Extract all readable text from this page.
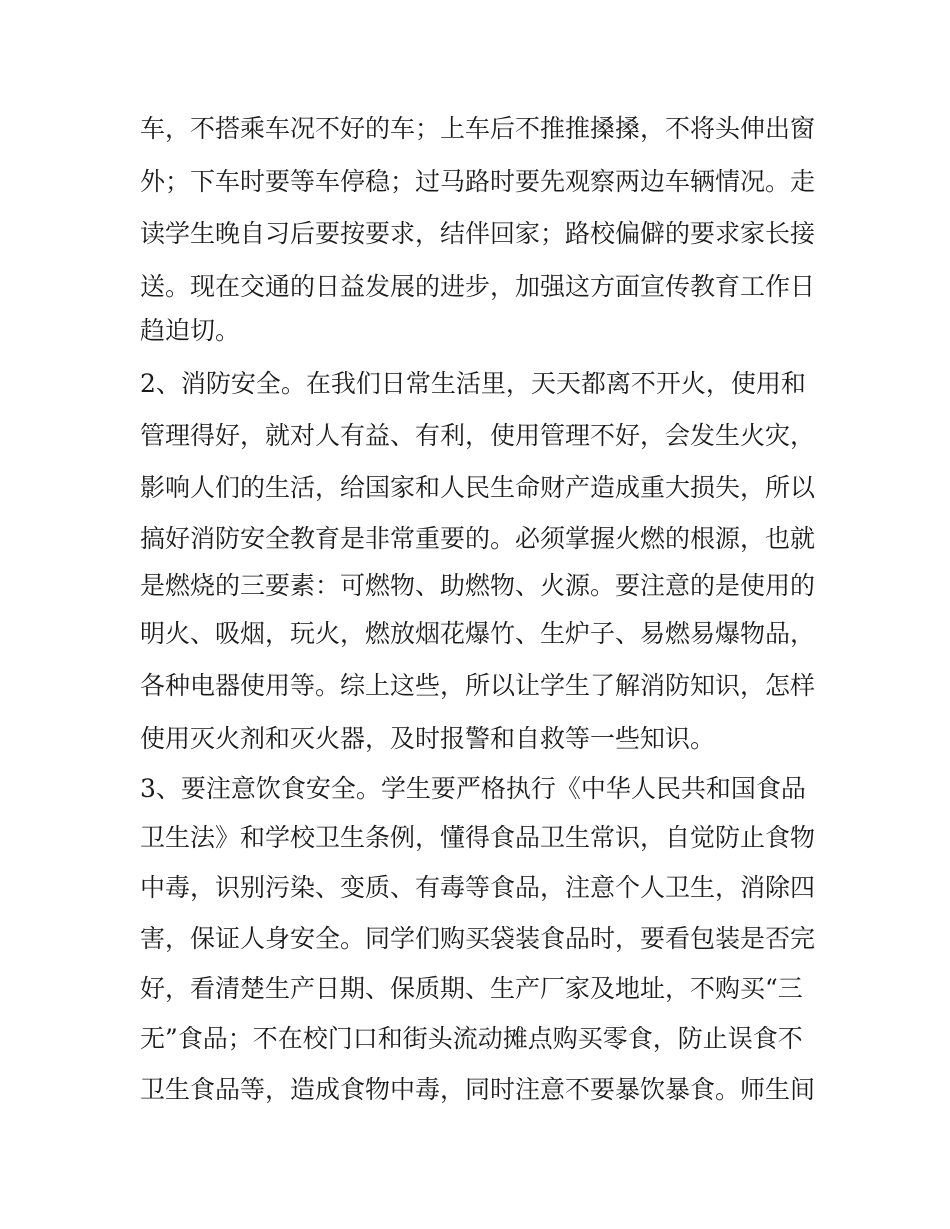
车，不搭乘车况不好的车；上车后不推推搡搡，不将头伸出窗
外；下车时要等车停稳；过马路时要先观察两边车辆情况。走
读学生晚自习后要按要求，结伴回家；路校偏僻的要求家长接
送。现在交通的日益发展的进步，加强这方面宣传教育工作日
趋迫切。
2、消防安全。在我们日常生活里，天天都离不开火，使用和
管理得好，就对人有益、有利，使用管理不好，会发生火灾，
影响人们的生活，给国家和人民生命财产造成重大损失，所以
搞好消防安全教育是非常重要的。必须掌握火燃的根源，也就
是燃烧的三要素：可燃物、助燃物、火源。要注意的是使用的
明火、吸烟，玩火，燃放烟花爆竹、生炉子、易燃易爆物品，
各种电器使用等。综上这些，所以让学生了解消防知识，怎样
使用灭火剂和灭火器，及时报警和自救等一些知识。
3、要注意饮食安全。学生要严格执行《中华人民共和国食品
卫生法》和学校卫生条例，懂得食品卫生常识，自觉防止食物
中毒，识别污染、变质、有毒等食品，注意个人卫生，消除四
害，保证人身安全。同学们购买袋装食品时，要看包装是否完
好，看清楚生产日期、保质期、生产厂家及地址，不购买“三
无”食品；不在校门口和街头流动摊点购买零食，防止误食不
卫生食品等，造成食物中毒，同时注意不要暴饮暴食。师生间
